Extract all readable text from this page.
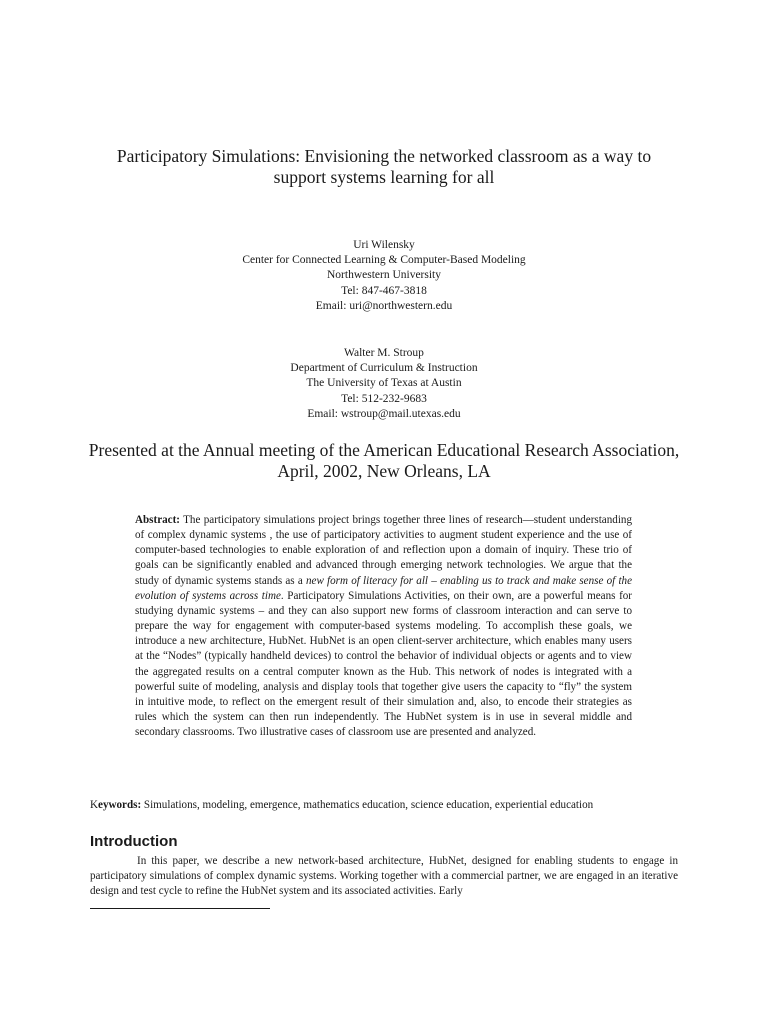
Participatory Simulations: Envisioning the networked classroom as a way to support systems learning for all
Uri Wilensky
Center for Connected Learning & Computer-Based Modeling
Northwestern University
Tel: 847-467-3818
Email: uri@northwestern.edu
Walter M. Stroup
Department of Curriculum & Instruction
The University of Texas at Austin
Tel: 512-232-9683
Email: wstroup@mail.utexas.edu
Presented at the Annual meeting of the American Educational Research Association, April, 2002, New Orleans, LA

Abstract: The participatory simulations project brings together three lines of research—student understanding of complex dynamic systems , the use of participatory activities to augment student experience and the use of computer-based technologies to enable exploration of and reflection upon a domain of inquiry. These trio of goals can be significantly enabled and advanced through emerging network technologies. We argue that the study of dynamic systems stands as a new form of literacy for all – enabling us to track and make sense of the evolution of systems across time. Participatory Simulations Activities, on their own, are a powerful means for studying dynamic systems – and they can also support new forms of classroom interaction and can serve to prepare the way for engagement with computer-based systems modeling. To accomplish these goals, we introduce a new architecture, HubNet. HubNet is an open client-server architecture, which enables many users at the “Nodes” (typically handheld devices) to control the behavior of individual objects or agents and to view the aggregated results on a central computer known as the Hub. This network of nodes is integrated with a powerful suite of modeling, analysis and display tools that together give users the capacity to “fly” the system in intuitive mode, to reflect on the emergent result of their simulation and, also, to encode their strategies as rules which the system can then run independently. The HubNet system is in use in several middle and secondary classrooms. Two illustrative cases of classroom use are presented and analyzed.

Keywords: Simulations, modeling, emergence, mathematics education, science education, experiential education
Introduction

In this paper, we describe a new network-based architecture, HubNet, designed for enabling students to engage in participatory simulations of complex dynamic systems. Working together with a commercial partner, we are engaged in an iterative design and test cycle to refine the HubNet system and its associated activities. Early
